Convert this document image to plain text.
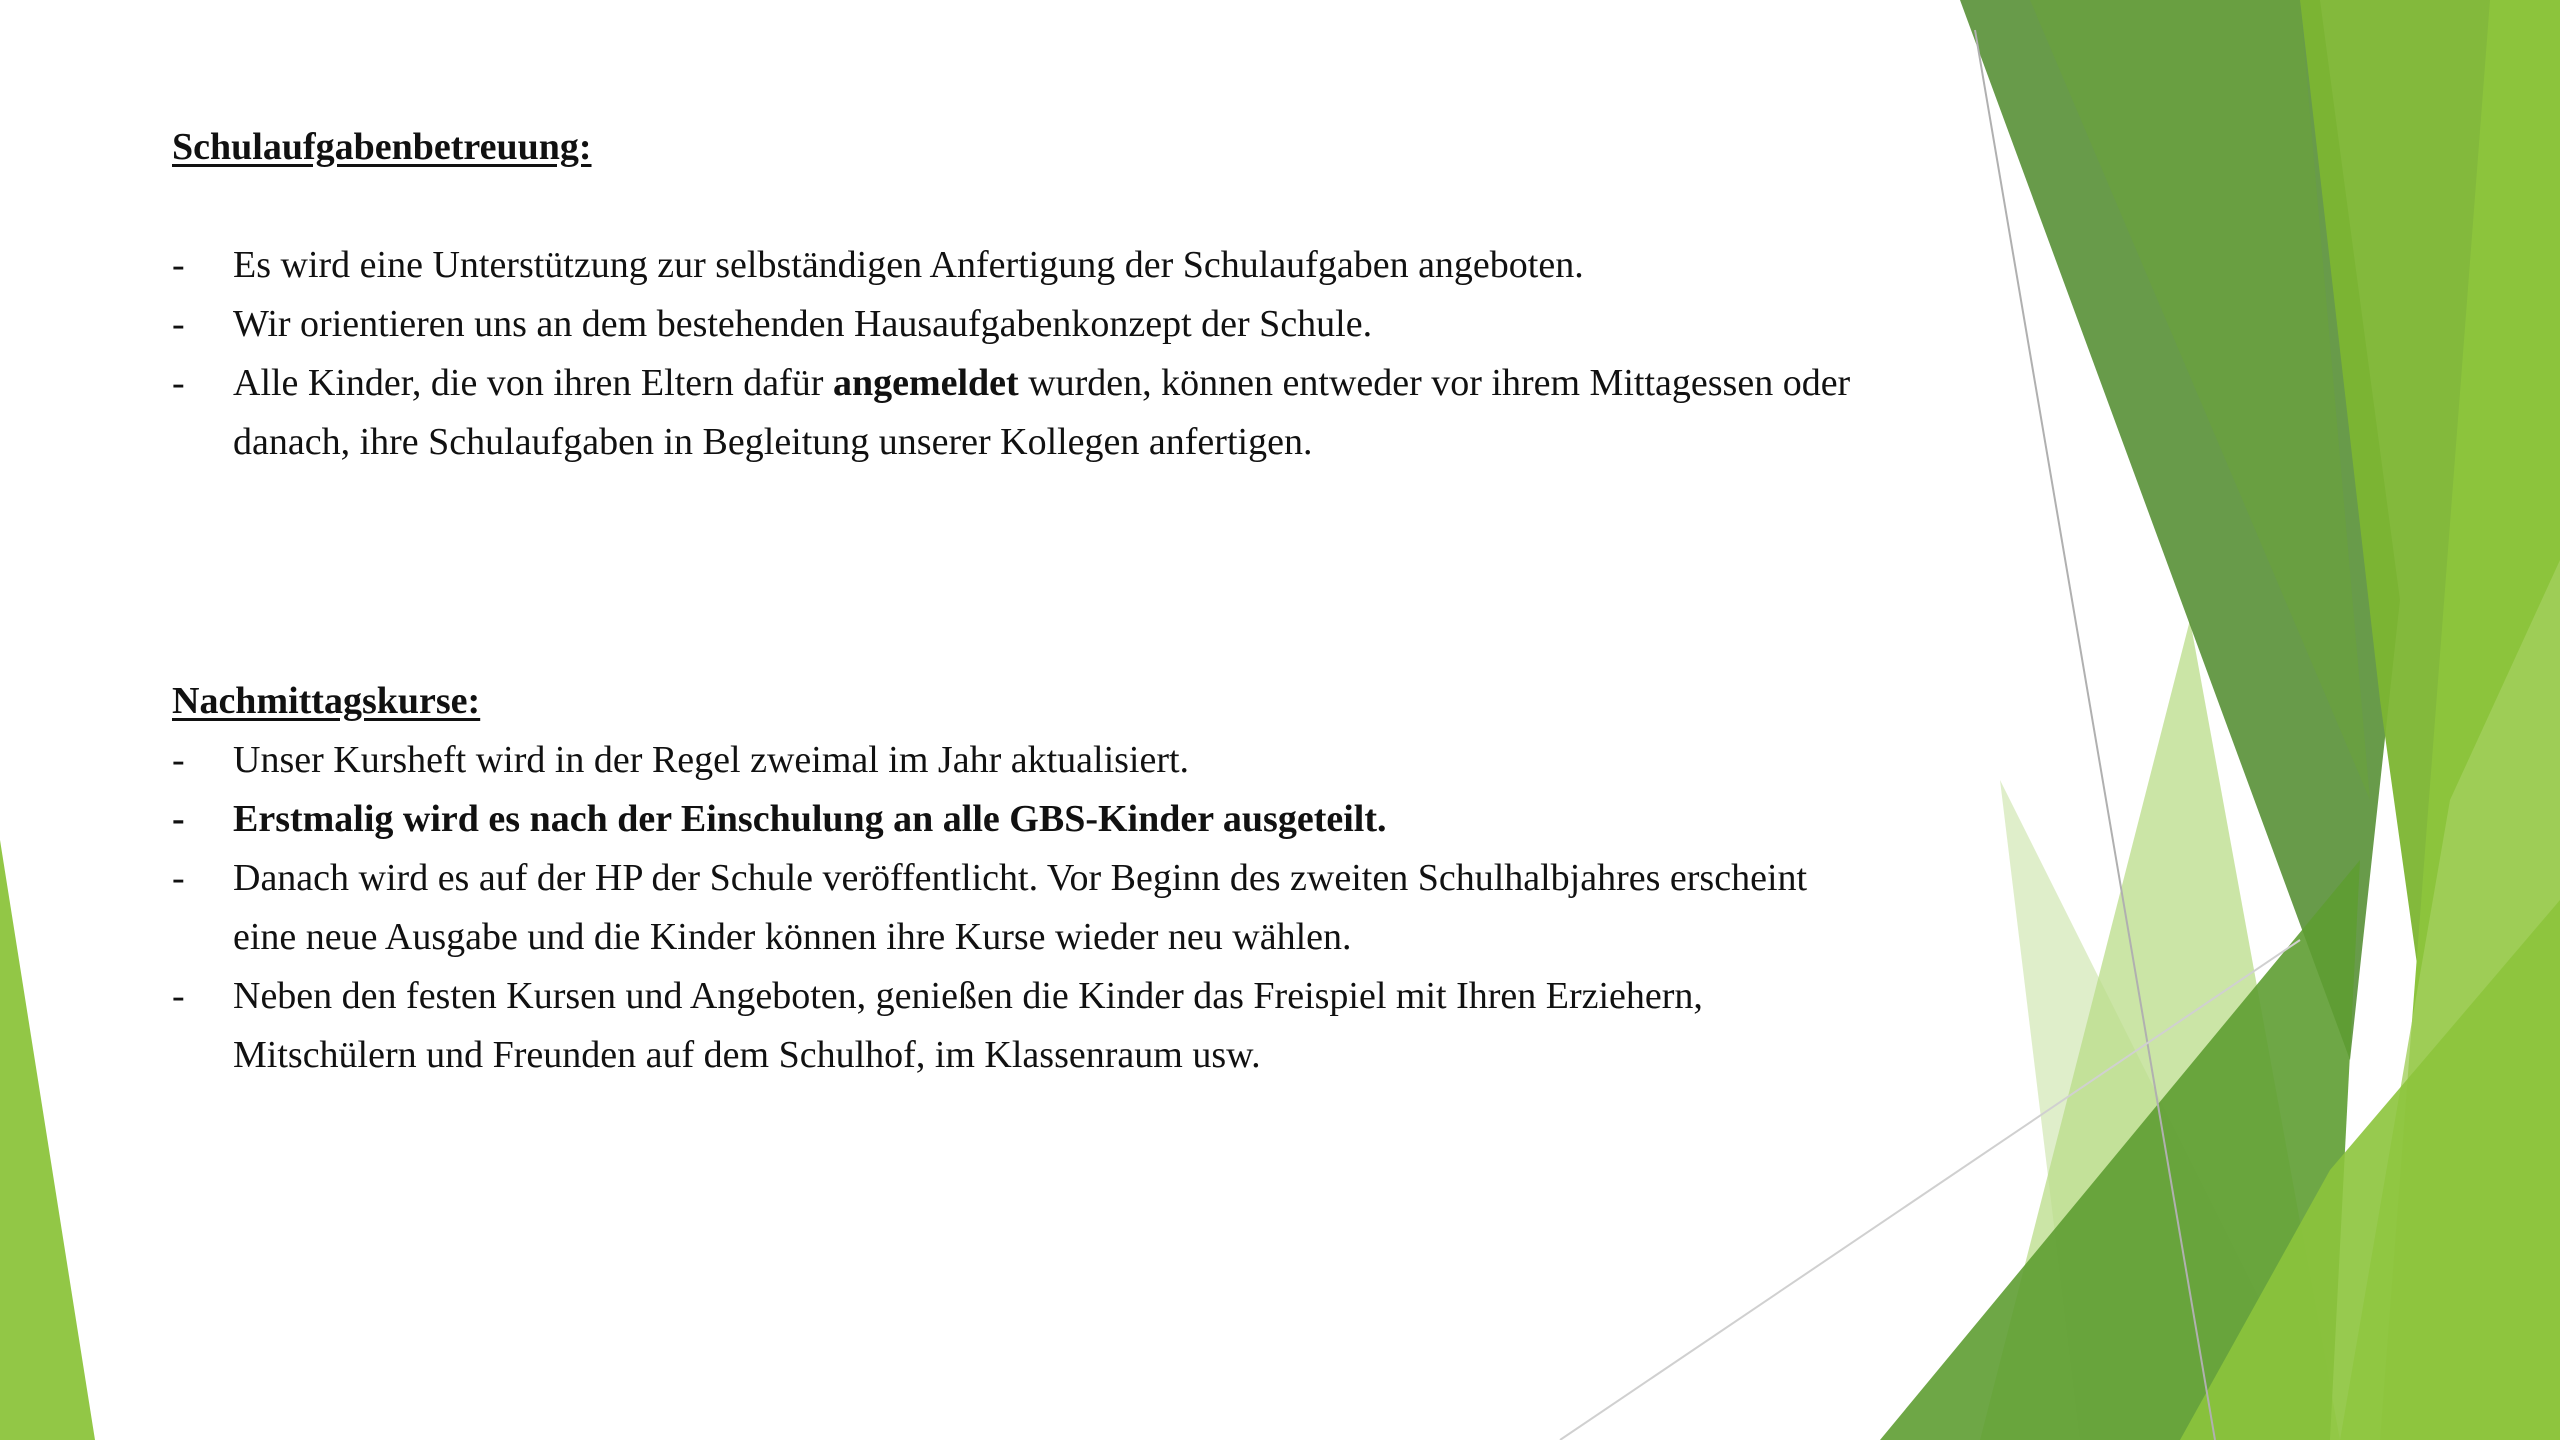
Schulaufgabenbetreuung:
- Es wird eine Unterstützung zur selbständigen Anfertigung der Schulaufgaben angeboten.
- Wir orientieren uns an dem bestehenden Hausaufgabenkonzept der Schule.
- Alle Kinder, die von ihren Eltern dafür angemeldet wurden, können entweder vor ihrem Mittagessen oder danach, ihre Schulaufgaben in Begleitung unserer Kollegen anfertigen.
Nachmittagskurse:
- Unser Kursheft wird in der Regel zweimal im Jahr aktualisiert.
- Erstmalig wird es nach der Einschulung an alle GBS-Kinder ausgeteilt.
- Danach wird es auf der HP der Schule veröffentlicht. Vor Beginn des zweiten Schulhalbjahres erscheint eine neue Ausgabe und die Kinder können ihre Kurse wieder neu wählen.
- Neben den festen Kursen und Angeboten, genießen die Kinder das Freispiel mit Ihren Erziehern, Mitschülern und Freunden auf dem Schulhof, im Klassenraum usw.
